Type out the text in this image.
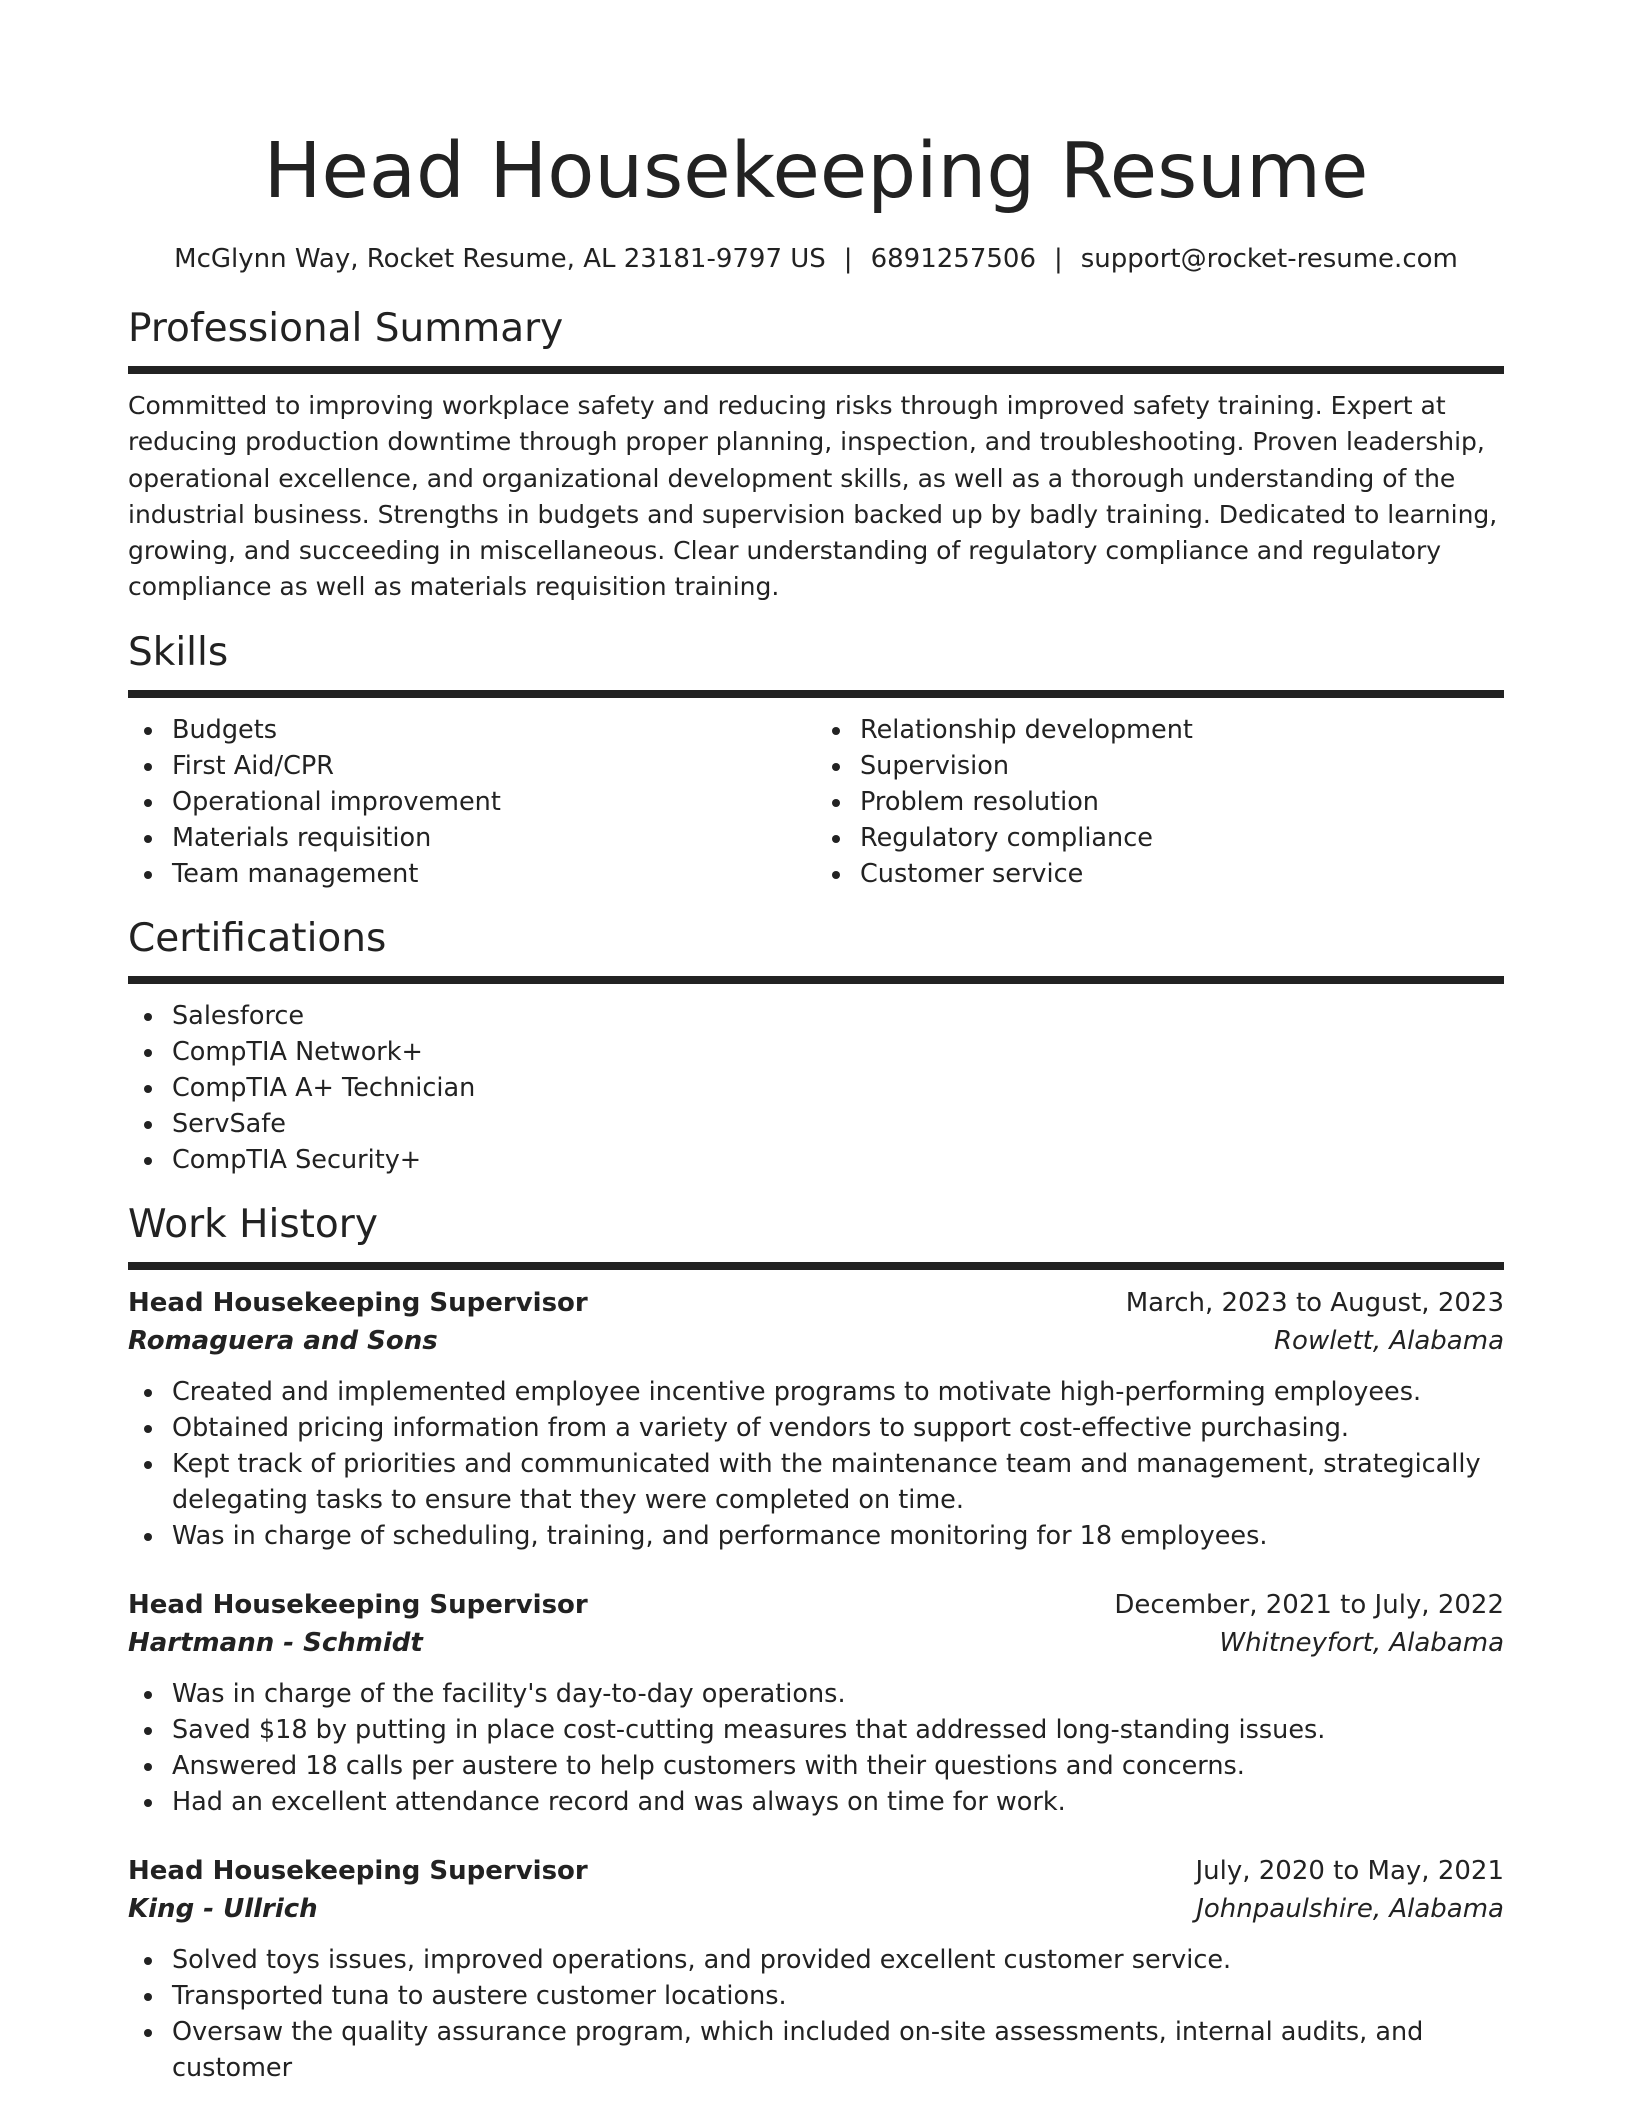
Head Housekeeping Resume
McGlynn Way, Rocket Resume, AL 23181-9797 US | 6891257506 | support@rocket-resume.com
Professional Summary

Committed to improving workplace safety and reducing risks through improved safety training. Expert at reducing production downtime through proper planning, inspection, and troubleshooting. Proven leadership, operational excellence, and organizational development skills, as well as a thorough understanding of the industrial business. Strengths in budgets and supervision backed up by badly training. Dedicated to learning, growing, and succeeding in miscellaneous. Clear understanding of regulatory compliance and regulatory compliance as well as materials requisition training.

Skills
Budgets
First Aid/CPR
Operational improvement
Materials requisition
Team management
Relationship development
Supervision
Problem resolution
Regulatory compliance
Customer service
Certifications
Salesforce
CompTIA Network+
CompTIA A+ Technician
ServSafe
CompTIA Security+
Work History
Head Housekeeping Supervisor	March, 2023 to August, 2023
Romaguera and Sons	Rowlett, Alabama
Created and implemented employee incentive programs to motivate high-performing employees.
Obtained pricing information from a variety of vendors to support cost-effective purchasing.
Kept track of priorities and communicated with the maintenance team and management, strategically delegating tasks to ensure that they were completed on time.
Was in charge of scheduling, training, and performance monitoring for 18 employees.
Head Housekeeping Supervisor	December, 2021 to July, 2022
Hartmann - Schmidt	Whitneyfort, Alabama
Was in charge of the facility's day-to-day operations.
Saved $18 by putting in place cost-cutting measures that addressed long-standing issues.
Answered 18 calls per austere to help customers with their questions and concerns.
Had an excellent attendance record and was always on time for work.
Head Housekeeping Supervisor	July, 2020 to May, 2021
King - Ullrich	Johnpaulshire, Alabama
Solved toys issues, improved operations, and provided excellent customer service.
Transported tuna to austere customer locations.
Oversaw the quality assurance program, which included on-site assessments, internal audits, and customer
